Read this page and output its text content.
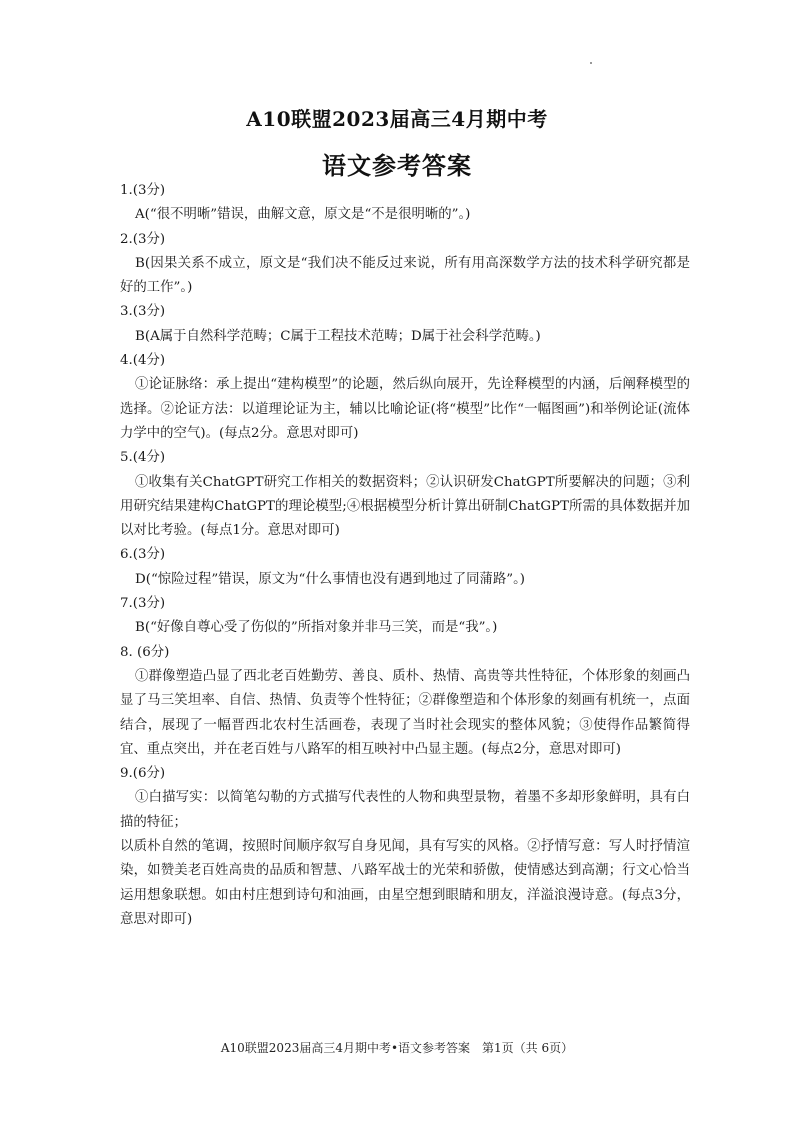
A10联盟2023届高三4月期中考
语文参考答案

1.(3分)

A(“很不明晰”错误，曲解文意，原文是“不是很明晰的”。)

2.(3分)

B(因果关系不成立，原文是“我们决不能反过来说，所有用高深数学方法的技术科学研究都是好的工作”。)

3.(3分)

B(A属于自然科学范畴；C属于工程技术范畴；D属于社会科学范畴。)

4.(4分)

①论证脉络：承上提出“建构模型”的论题，然后纵向展开，先诠释模型的内涵，后阐释模型的选择。②论证方法：以道理论证为主，辅以比喻论证(将“模型”比作“一幅图画”)和举例论证(流体力学中的空气)。(每点2分。意思对即可)

5.(4分)

①收集有关ChatGPT研究工作相关的数据资料；②认识研发ChatGPT所要解决的问题；③利用研究结果建构ChatGPT的理论模型;④根据模型分析计算出研制ChatGPT所需的具体数据并加以对比考验。(每点1分。意思对即可)

6.(3分)

D(“惊险过程”错误，原文为“什么事情也没有遇到地过了同蒲路”。)

7.(3分)

B(“好像自尊心受了伤似的”所指对象并非马三笑，而是“我”。)

8. (6分)

①群像塑造凸显了西北老百姓勤劳、善良、质朴、热情、高贵等共性特征，个体形象的刻画凸显了马三笑坦率、自信、热情、负责等个性特征；②群像塑造和个体形象的刻画有机统一，点面结合，展现了一幅晋西北农村生活画卷，表现了当时社会现实的整体风貌；③使得作品繁简得宜、重点突出，并在老百姓与八路军的相互映衬中凸显主题。(每点2分，意思对即可)

9.(6分)

①白描写实：以简笔勾勒的方式描写代表性的人物和典型景物，着墨不多却形象鲜明，具有白描的特征；

以质朴自然的笔调，按照时间顺序叙写自身见闻，具有写实的风格。②抒情写意：写人时抒情渲染，如赞美老百姓高贵的品质和智慧、八路军战士的光荣和骄傲，使情感达到高潮；行文心恰当运用想象联想。如由村庄想到诗句和油画，由星空想到眼睛和朋友，洋溢浪漫诗意。(每点3分，意思对即可)

A10联盟2023届高三4月期中考•语文参考答案　第1页（共 6页）
